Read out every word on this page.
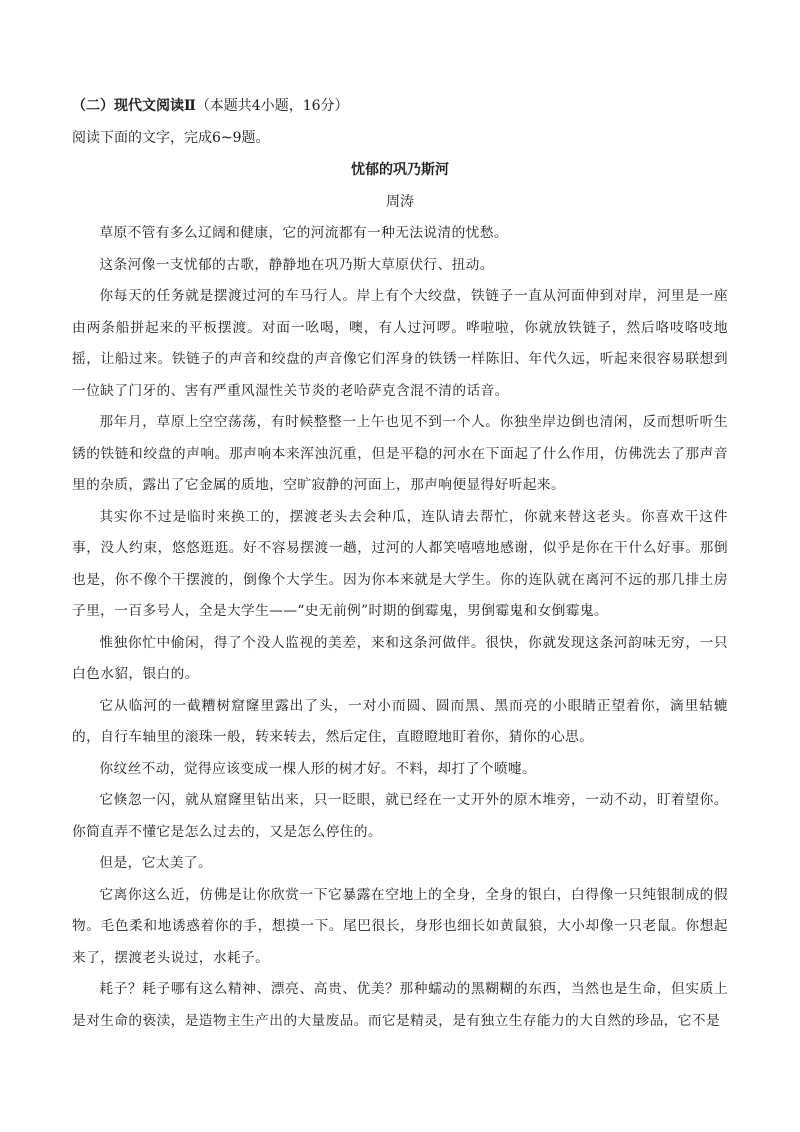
（二）现代文阅读Ⅱ（本题共4小题，16分）
阅读下面的文字，完成6~9题。
忧郁的巩乃斯河
周涛

草原不管有多么辽阔和健康，它的河流都有一种无法说清的忧愁。

这条河像一支忧郁的古歌，静静地在巩乃斯大草原伏行、扭动。

你每天的任务就是摆渡过河的车马行人。岸上有个大绞盘，铁链子一直从河面伸到对岸，河里是一座由两条船拼起来的平板摆渡。对面一吆喝，噢，有人过河啰。哗啦啦，你就放铁链子，然后咯吱咯吱地摇，让船过来。铁链子的声音和绞盘的声音像它们浑身的铁锈一样陈旧、年代久远，听起来很容易联想到一位缺了门牙的、害有严重风湿性关节炎的老哈萨克含混不清的话音。

那年月，草原上空空荡荡，有时候整整一上午也见不到一个人。你独坐岸边倒也清闲，反而想听听生锈的铁链和绞盘的声响。那声响本来浑浊沉重，但是平稳的河水在下面起了什么作用，仿佛洗去了那声音里的杂质，露出了它金属的质地，空旷寂静的河面上，那声响便显得好听起来。

其实你不过是临时来换工的，摆渡老头去会种瓜，连队请去帮忙，你就来替这老头。你喜欢干这件事，没人约束，悠悠逛逛。好不容易摆渡一趟，过河的人都笑嘻嘻地感谢，似乎是你在干什么好事。那倒也是，你不像个干摆渡的，倒像个大学生。因为你本来就是大学生。你的连队就在离河不远的那几排土房子里，一百多号人，全是大学生——“史无前例”时期的倒霉鬼，男倒霉鬼和女倒霉鬼。

惟独你忙中偷闲，得了个没人监视的美差，来和这条河做伴。很快，你就发现这条河韵味无穷，一只白色水貂，银白的。

它从临河的一截糟树窟窿里露出了头，一对小而圆、圆而黑、黑而亮的小眼睛正望着你，滴里轱辘的，自行车轴里的滚珠一般，转来转去，然后定住，直瞪瞪地盯着你，猜你的心思。

你纹丝不动，觉得应该变成一棵人形的树才好。不料，却打了个喷嚏。

它倏忽一闪，就从窟窿里钻出来，只一眨眼，就已经在一丈开外的原木堆旁，一动不动，盯着望你。你简直弄不懂它是怎么过去的，又是怎么停住的。

但是，它太美了。

它离你这么近，仿佛是让你欣赏一下它暴露在空地上的全身，全身的银白，白得像一只纯银制成的假物。毛色柔和地诱惑着你的手，想摸一下。尾巴很长，身形也细长如黄鼠狼，大小却像一只老鼠。你想起来了，摆渡老头说过，水耗子。

耗子？耗子哪有这么精神、漂亮、高贵、优美？那种蠕动的黑糊糊的东西，当然也是生命，但实质上是对生命的亵渎，是造物主生产出的大量废品。而它是精灵，是有独立生存能力的大自然的珍品，它不是
